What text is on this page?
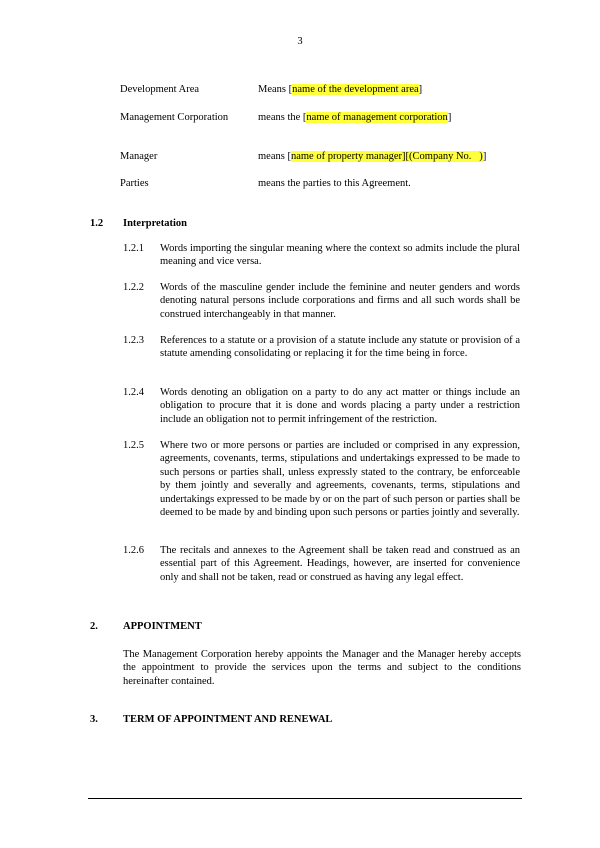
3
Development Area	Means [name of the development area]
Management Corporation	means the [name of management corporation]
Manager	means [name of property manager][(Company No.   )]
Parties	means the parties to this Agreement.
1.2 Interpretation
1.2.1 Words importing the singular meaning where the context so admits include the plural meaning and vice versa.
1.2.2 Words of the masculine gender include the feminine and neuter genders and words denoting natural persons include corporations and firms and all such words shall be construed interchangeably in that manner.
1.2.3 References to a statute or a provision of a statute include any statute or provision of a statute amending consolidating or replacing it for the time being in force.
1.2.4 Words denoting an obligation on a party to do any act matter or things include an obligation to procure that it is done and words placing a party under a restriction include an obligation not to permit infringement of the restriction.
1.2.5 Where two or more persons or parties are included or comprised in any expression, agreements, covenants, terms, stipulations and undertakings expressed to be made to such persons or parties shall, unless expressly stated to the contrary, be enforceable by them jointly and severally and agreements, covenants, terms, stipulations and undertakings expressed to be made by or on the part of such person or parties shall be deemed to be made by and binding upon such persons or parties jointly and severally.
1.2.6 The recitals and annexes to the Agreement shall be taken read and construed as an essential part of this Agreement. Headings, however, are inserted for convenience only and shall not be taken, read or construed as having any legal effect.
2. APPOINTMENT
The Management Corporation hereby appoints the Manager and the Manager hereby accepts the appointment to provide the services upon the terms and subject to the conditions hereinafter contained.
3. TERM OF APPOINTMENT AND RENEWAL
